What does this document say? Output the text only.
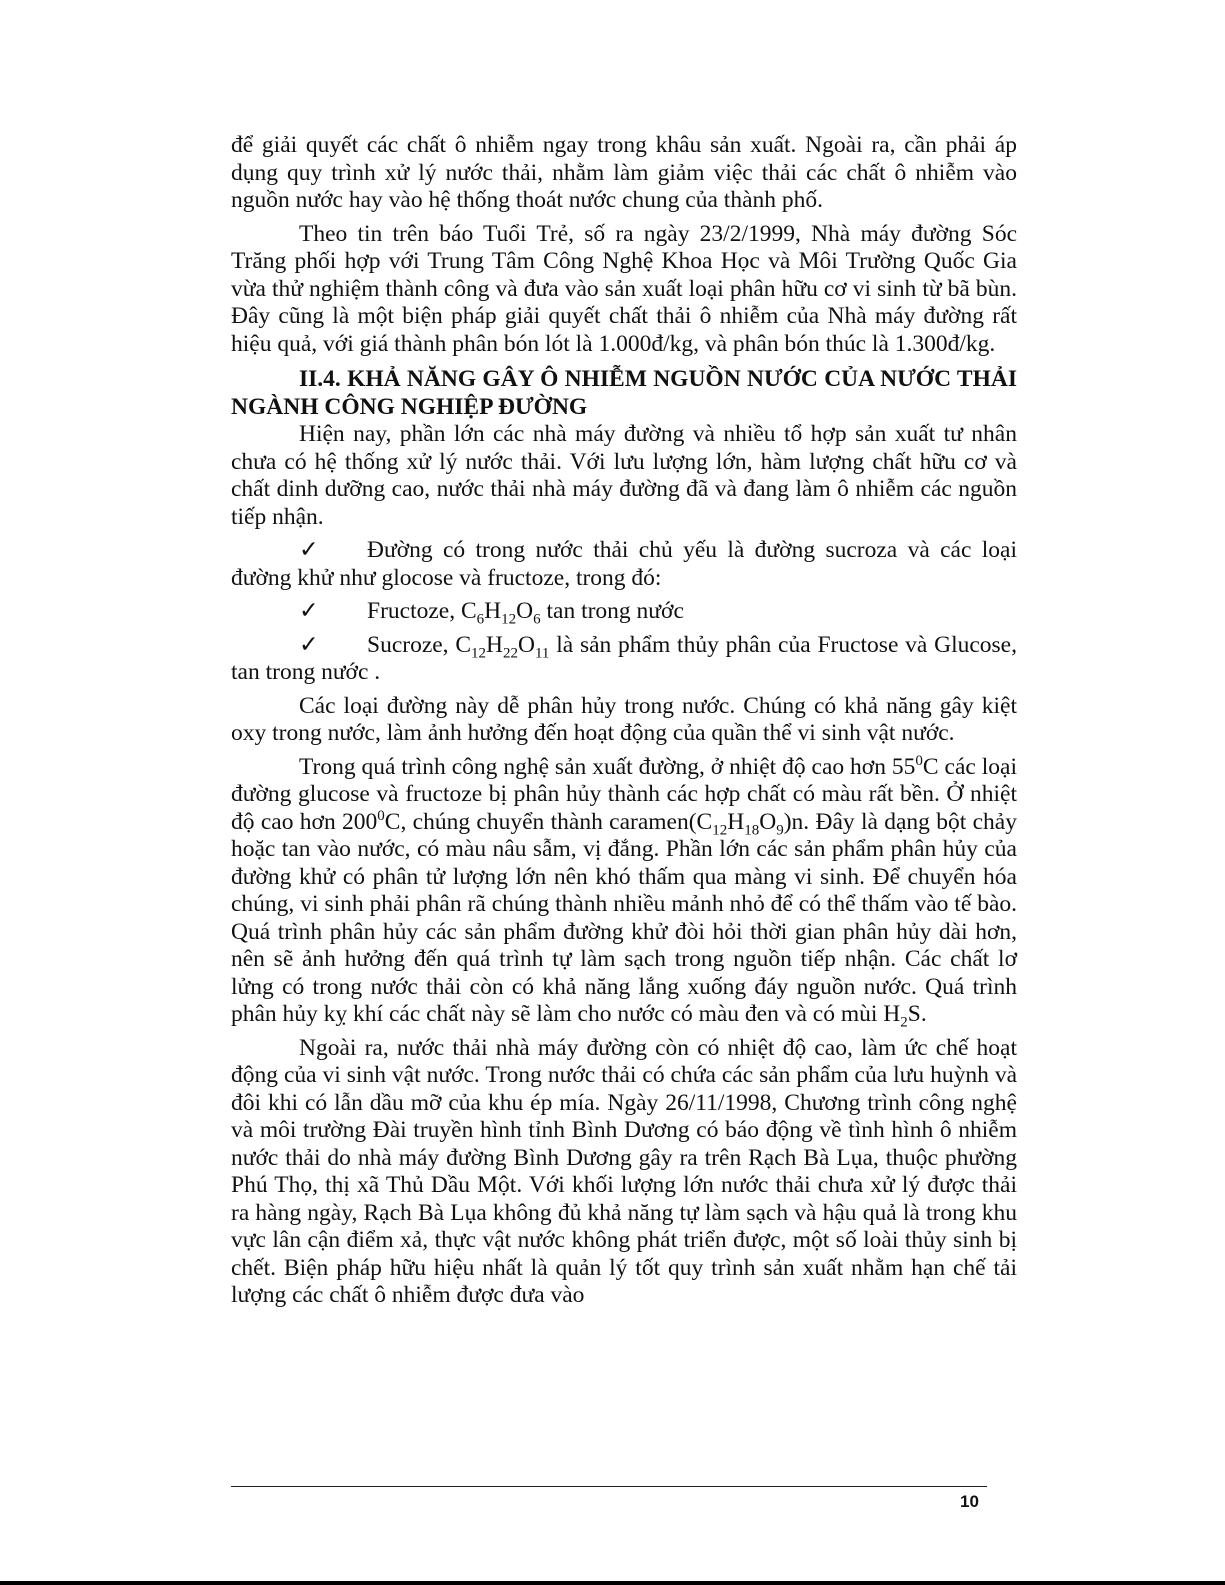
để giải quyết các chất ô nhiễm ngay trong khâu sản xuất. Ngoài ra, cần phải áp dụng quy trình xử lý nước thải, nhằm làm giảm việc thải các chất ô nhiễm vào nguồn nước hay vào hệ thống thoát nước chung của thành phố.

Theo tin trên báo Tuổi Trẻ, số ra ngày 23/2/1999, Nhà máy đường Sóc Trăng phối hợp với Trung Tâm Công Nghệ Khoa Học và Môi Trường Quốc Gia vừa thử nghiệm thành công và đưa vào sản xuất loại phân hữu cơ vi sinh từ bã bùn. Đây cũng là một biện pháp giải quyết chất thải ô nhiễm của Nhà máy đường rất hiệu quả, với giá thành phân bón lót là 1.000đ/kg, và phân bón thúc là 1.300đ/kg.

II.4. KHẢ NĂNG GÂY Ô NHIỄM NGUỒN NƯỚC CỦA NƯỚC THẢI NGÀNH CÔNG NGHIỆP ĐƯỜNG

Hiện nay, phần lớn các nhà máy đường và nhiều tổ hợp sản xuất tư nhân chưa có hệ thống xử lý nước thải. Với lưu lượng lớn, hàm lượng chất hữu cơ và chất dinh dưỡng cao, nước thải nhà máy đường đã và đang làm ô nhiễm các nguồn tiếp nhận.

✓ Đường có trong nước thải chủ yếu là đường sucroza và các loại đường khử như glocose và fructoze, trong đó:

✓ Fructoze, $C_6H_{12}O_6$ tan trong nước

✓ Sucroze, $C_{12}H_{22}O_{11}$ là sản phẩm thủy phân của Fructose và Glucose, tan trong nước .

Các loại đường này dễ phân hủy trong nước. Chúng có khả năng gây kiệt oxy trong nước, làm ảnh hưởng đến hoạt động của quần thể vi sinh vật nước.

Trong quá trình công nghệ sản xuất đường, ở nhiệt độ cao hơn $55^0C$ các loại đường glucose và fructoze bị phân hủy thành các hợp chất có màu rất bền. Ở nhiệt độ cao hơn $200^0C$, chúng chuyển thành $caramen(C_{12}H_{18}O_9)n$. Đây là dạng bột chảy hoặc tan vào nước, có màu nâu sẫm, vị đắng. Phần lớn các sản phẩm phân hủy của đường khử có phân tử lượng lớn nên khó thấm qua màng vi sinh. Để chuyển hóa chúng, vi sinh phải phân rã chúng thành nhiều mảnh nhỏ để có thể thấm vào tế bào. Quá trình phân hủy các sản phẩm đường khử đòi hỏi thời gian phân hủy dài hơn, nên sẽ ảnh hưởng đến quá trình tự làm sạch trong nguồn tiếp nhận. Các chất lơ lửng có trong nước thải còn có khả năng lắng xuống đáy nguồn nước. Quá trình phân hủy kỵ khí các chất này sẽ làm cho nước có màu đen và có mùi $H_2S$.

Ngoài ra, nước thải nhà máy đường còn có nhiệt độ cao, làm ức chế hoạt động của vi sinh vật nước. Trong nước thải có chứa các sản phẩm của lưu huỳnh và đôi khi có lẫn dầu mỡ của khu ép mía. Ngày 26/11/1998, Chương trình công nghệ và môi trường Đài truyền hình tỉnh Bình Dương có báo động về tình hình ô nhiễm nước thải do nhà máy đường Bình Dương gây ra trên Rạch Bà Lụa, thuộc phường Phú Thọ, thị xã Thủ Dầu Một. Với khối lượng lớn nước thải chưa xử lý được thải ra hàng ngày, Rạch Bà Lụa không đủ khả năng tự làm sạch và hậu quả là trong khu vực lân cận điểm xả, thực vật nước không phát triển được, một số loài thủy sinh bị chết. Biện pháp hữu hiệu nhất là quản lý tốt quy trình sản xuất nhằm hạn chế tải lượng các chất ô nhiễm được đưa vào

10
